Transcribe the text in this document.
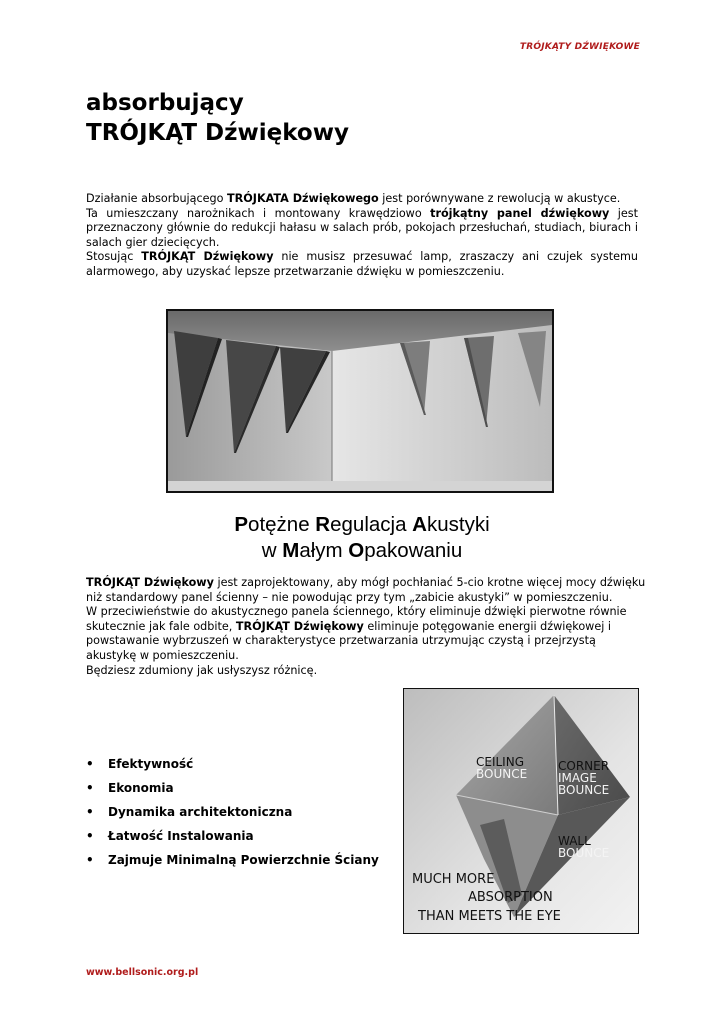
TRÓJKĄTY DŹWIĘKOWE
absorbujący
TRÓJKĄT Dźwiękowy

Działanie absorbującego TRÓJKATA Dźwiękowego jest porównywane z rewolucją w akustyce.

Ta umieszczany narożnikach i montowany krawędziowo trójkątny panel dźwiękowy jest przeznaczony głównie do redukcji hałasu w salach prób, pokojach przesłuchań, studiach, biurach i salach gier dziecięcych.

Stosując TRÓJKĄT Dźwiękowy nie musisz przesuwać lamp, zraszaczy ani czujek systemu alarmowego, aby uzyskać lepsze przetwarzanie dźwięku w pomieszczeniu.

Potężne Regulacja Akustyki
w Małym Opakowaniu

TRÓJKĄT Dźwiękowy jest zaprojektowany, aby mógł pochłaniać 5-cio krotne więcej mocy dźwięku niż standardowy panel ścienny – nie powodując przy tym „zabicie akustyki” w pomieszczeniu.

W przeciwieństwie do akustycznego panela ściennego, który eliminuje dźwięki pierwotne równie skutecznie jak fale odbite, TRÓJKĄT Dźwiękowy eliminuje potęgowanie energii dźwiękowej i powstawanie wybrzuszeń w charakterystyce przetwarzania utrzymując czystą i przejrzystą akustykę w pomieszczeniu.

Będziesz zdumiony jak usłyszysz różnicę.

• Efektywność
• Ekonomia
• Dynamika architektoniczna
• Łatwość Instalowania
• Zajmuje Minimalną Powierzchnie Ściany
CEILING
BOUNCE
CORNER
IMAGE
BOUNCE
WALL
BOUNCE
MUCH MORE
ABSORPTION
THAN MEETS THE EYE
www.bellsonic.org.pl
